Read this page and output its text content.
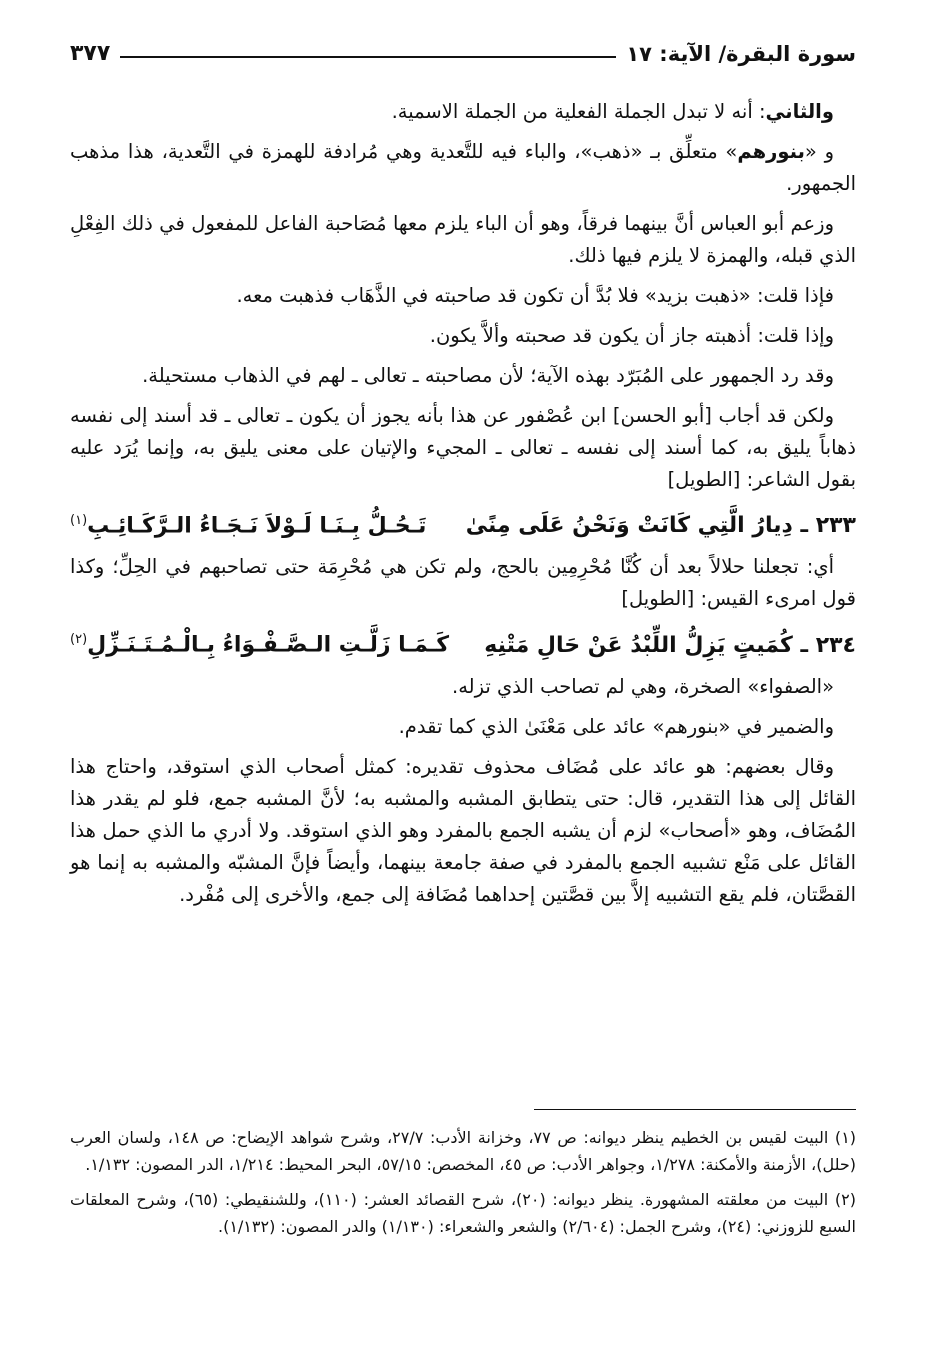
سورة البقرة/ الآية: ١٧
٣٧٧

والثاني: أنه لا تبدل الجملة الفعلية من الجملة الاسمية.

و «بنورهم» متعلِّق بـ «ذهب»، والباء فيه للتَّعدية وهي مُرادفة للهمزة في التَّعدية، هذا مذهب الجمهور.

وزعم أبو العباس أنَّ بينهما فرقاً، وهو أن الباء يلزم معها مُصَاحبة الفاعل للمفعول في ذلك الفِعْلِ الذي قبله، والهمزة لا يلزم فيها ذلك.

فإذا قلت: «ذهبت بزيد» فلا بُدَّ أن تكون قد صاحبته في الذَّهَاب فذهبت معه.

وإذا قلت: أذهبته جاز أن يكون قد صحبته وألاَّ يكون.

وقد رد الجمهور على المُبَرّد بهذه الآية؛ لأن مصاحبته ـ تعالى ـ لهم في الذهاب مستحيلة.

ولكن قد أجاب [أبو الحسن] ابن عُصْفور عن هذا بأنه يجوز أن يكون ـ تعالى ـ قد أسند إلى نفسه ذهاباً يليق به، كما أسند إلى نفسه ـ تعالى ـ المجيء والإتيان على معنى يليق به، وإنما يُرَد عليه بقول الشاعر: [الطويل]

٢٣٣ ـ دِيارُ الَّتِي كَانَتْ وَنَحْنُ عَلَى مِنًىٰ
تَـحُـلُّ بِـنَـا لَـوْلاَ نَـجَـاءُ الـرَّكَـائِـبِ$^{(١)}$

أي: تجعلنا حلالاً بعد أن كُنَّا مُحْرِمِين بالحج، ولم تكن هي مُحْرِمَة حتى تصاحبهم في الحِلِّ؛ وكذا قول امرىء القيس: [الطويل]

٢٣٤ ـ كُمَيتٍ يَزِلُّ اللِّبْدُ عَنْ حَالِ مَتْنِهِ
كَـمَـا زَلَّـتِ الـصَّـفْـوَاءُ بِـالْـمُـتَـنَـزِّلِ$^{(٢)}$

«الصفواء» الصخرة، وهي لم تصاحب الذي تزله.

والضمير في «بنورهم» عائد على مَعْنَىٰ الذي كما تقدم.

وقال بعضهم: هو عائد على مُضَاف محذوف تقديره: كمثل أصحاب الذي استوقد، واحتاج هذا القائل إلى هذا التقدير، قال: حتى يتطابق المشبه والمشبه به؛ لأنَّ المشبه جمع، فلو لم يقدر هذا المُضَاف، وهو «أصحاب» لزم أن يشبه الجمع بالمفرد وهو الذي استوقد. ولا أدري ما الذي حمل هذا القائل على مَنْع تشبيه الجمع بالمفرد في صفة جامعة بينهما، وأيضاً فإنَّ المشبّه والمشبه به إنما هو القصَّتان، فلم يقع التشبيه إلاَّ بين قصَّتين إحداهما مُضَافة إلى جمع، والأخرى إلى مُفْرد.

(١) البيت لقيس بن الخطيم ينظر ديوانه: ص ٧٧، وخزانة الأدب: ٢٧/٧، وشرح شواهد الإيضاح: ص ١٤٨، ولسان العرب (حلل)، الأزمنة والأمكنة: ١/٢٧٨، وجواهر الأدب: ص ٤٥، المخصص: ٥٧/١٥، البحر المحيط: ١/٢١٤، الدر المصون: ١/١٣٢.

(٢) البيت من معلقته المشهورة. ينظر ديوانه: (٢٠)، شرح القصائد العشر: (١١٠)، وللشنقيطي: (٦٥)، وشرح المعلقات السبع للزوزني: (٢٤)، وشرح الجمل: (٢/٦٠٤) والشعر والشعراء: (١/١٣٠) والدر المصون: (١/١٣٢).
